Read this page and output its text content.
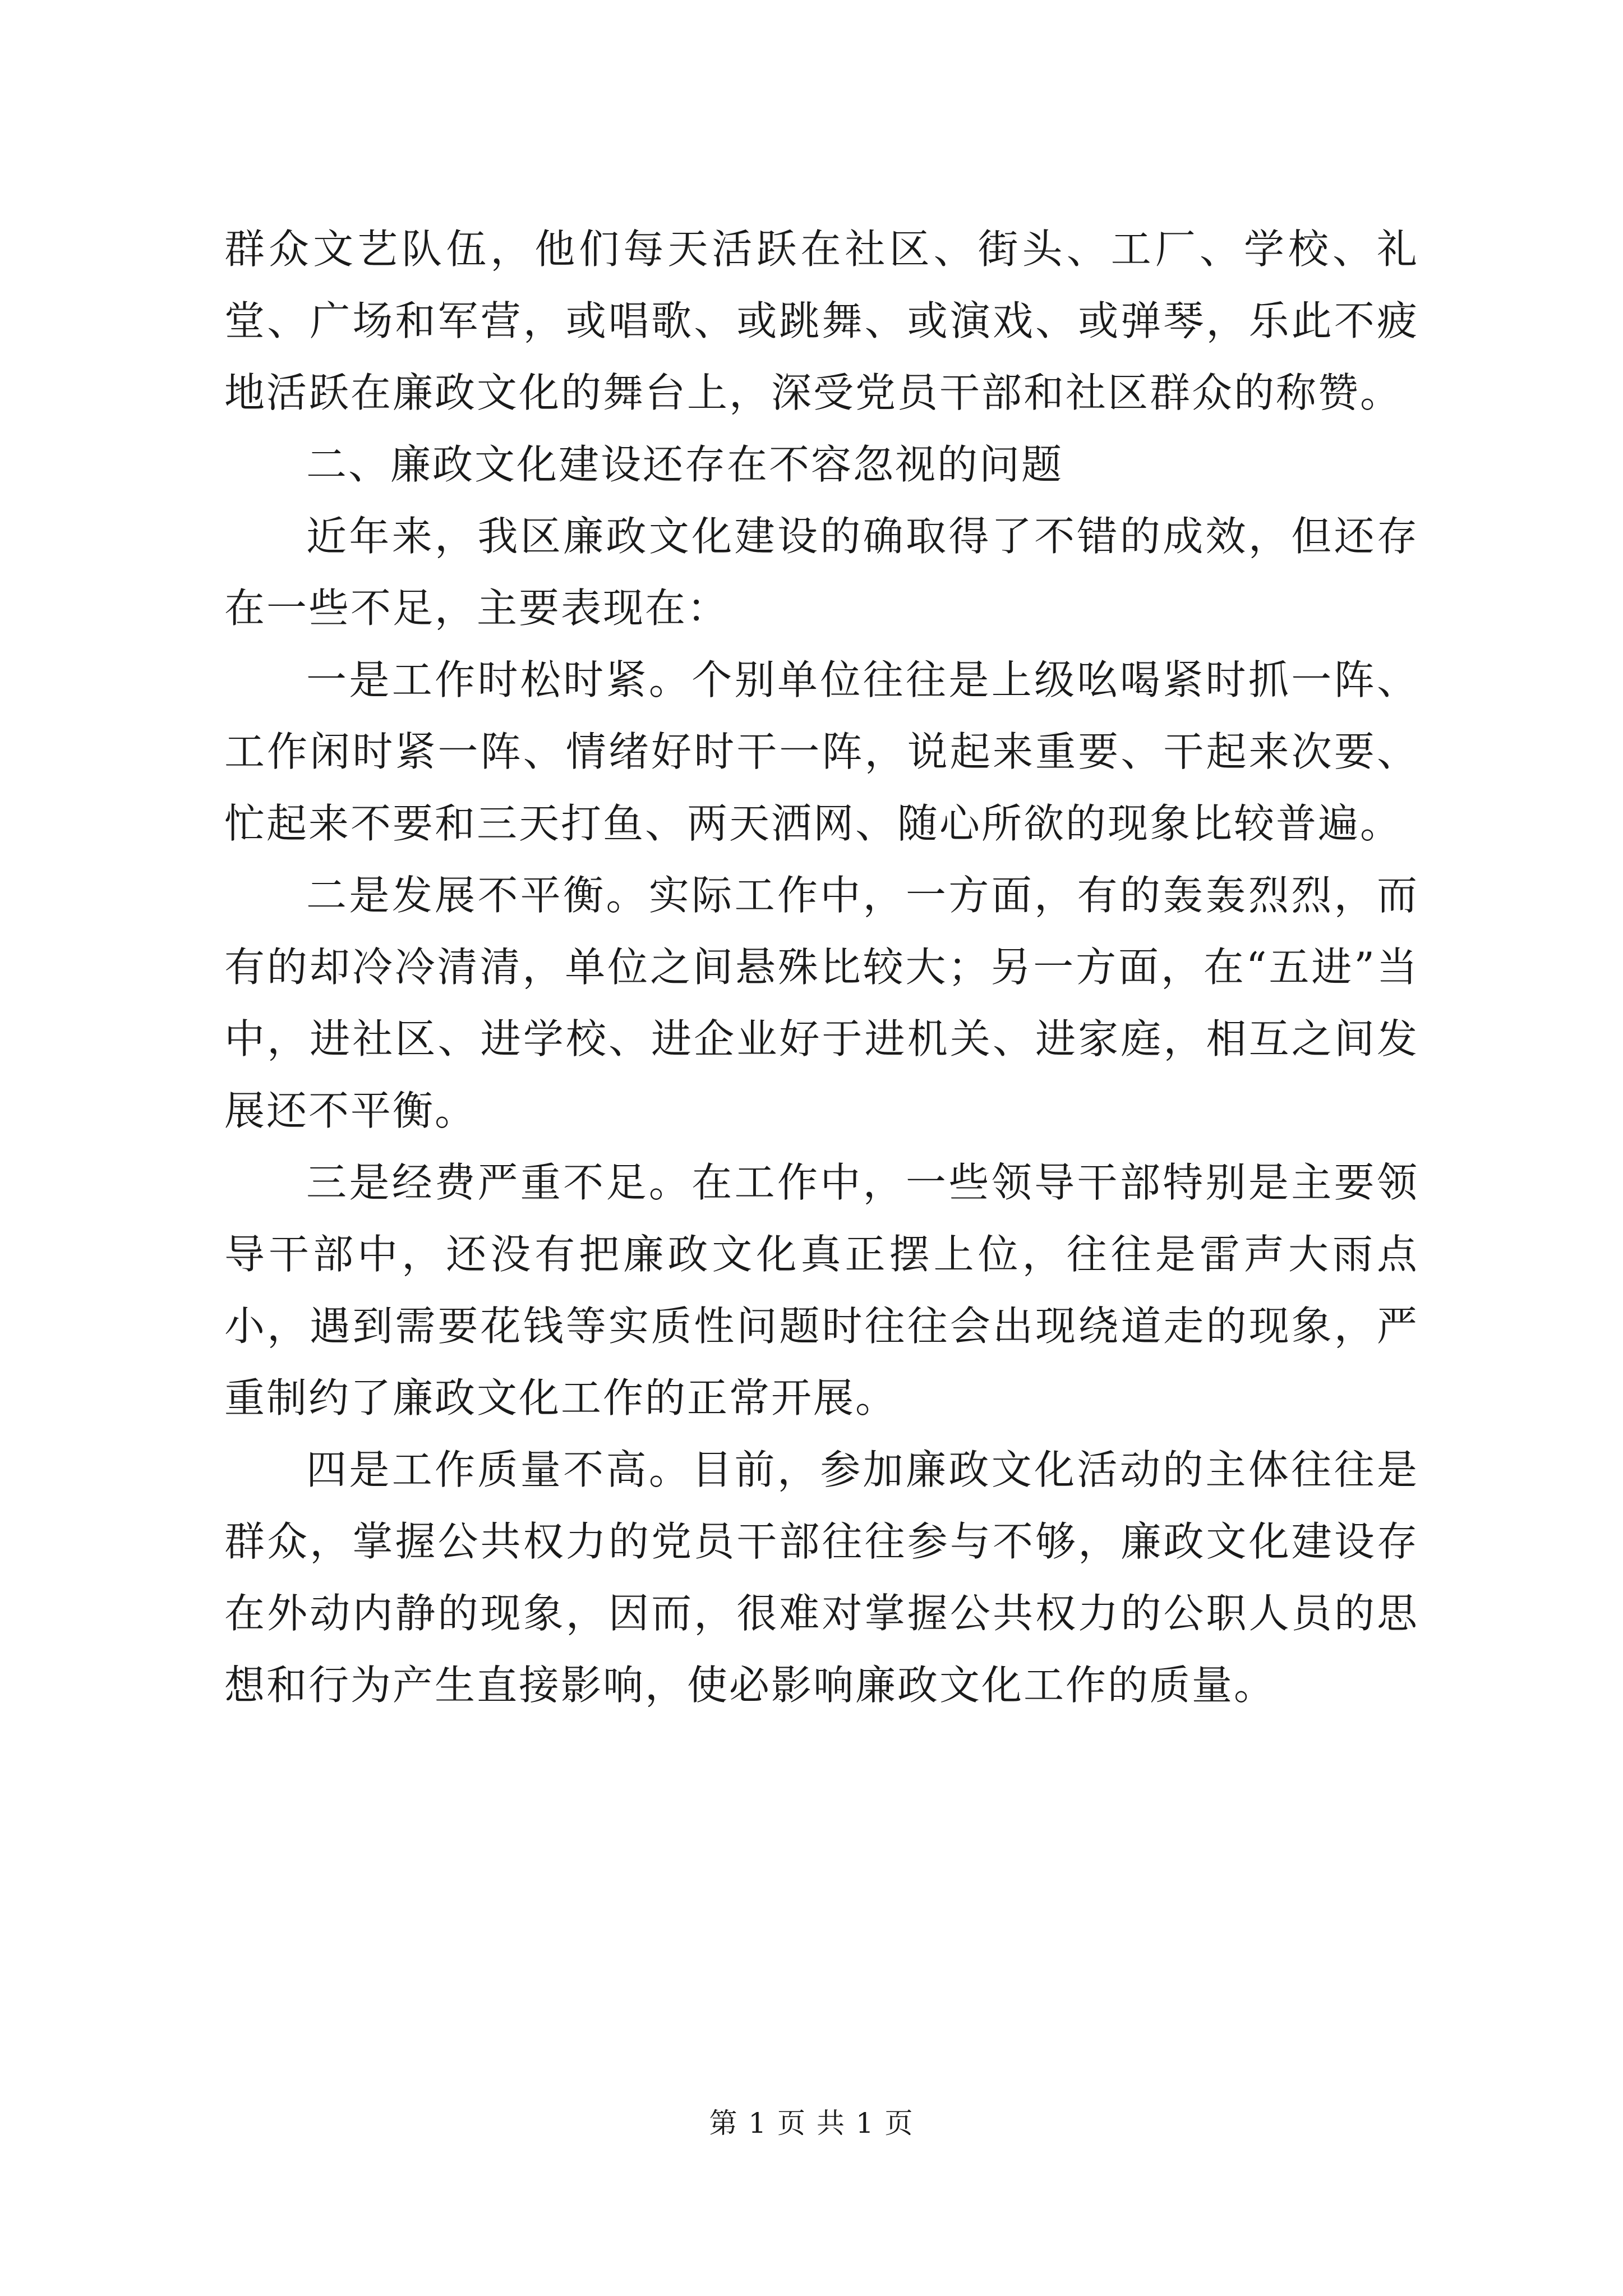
群众文艺队伍，他们每天活跃在社区、街头、工厂、学校、礼堂、广场和军营，或唱歌、或跳舞、或演戏、或弹琴，乐此不疲地活跃在廉政文化的舞台上，深受党员干部和社区群众的称赞。

二、廉政文化建设还存在不容忽视的问题

近年来，我区廉政文化建设的确取得了不错的成效，但还存在一些不足，主要表现在：

一是工作时松时紧。个别单位往往是上级吆喝紧时抓一阵、工作闲时紧一阵、情绪好时干一阵，说起来重要、干起来次要、忙起来不要和三天打鱼、两天洒网、随心所欲的现象比较普遍。

二是发展不平衡。实际工作中，一方面，有的轰轰烈烈，而有的却冷冷清清，单位之间悬殊比较大；另一方面，在“五进”当中，进社区、进学校、进企业好于进机关、进家庭，相互之间发展还不平衡。

三是经费严重不足。在工作中，一些领导干部特别是主要领导干部中，还没有把廉政文化真正摆上位，往往是雷声大雨点小，遇到需要花钱等实质性问题时往往会出现绕道走的现象，严重制约了廉政文化工作的正常开展。

四是工作质量不高。目前，参加廉政文化活动的主体往往是群众，掌握公共权力的党员干部往往参与不够，廉政文化建设存在外动内静的现象，因而，很难对掌握公共权力的公职人员的思想和行为产生直接影响，使必影响廉政文化工作的质量。

第 1 页 共 1 页
